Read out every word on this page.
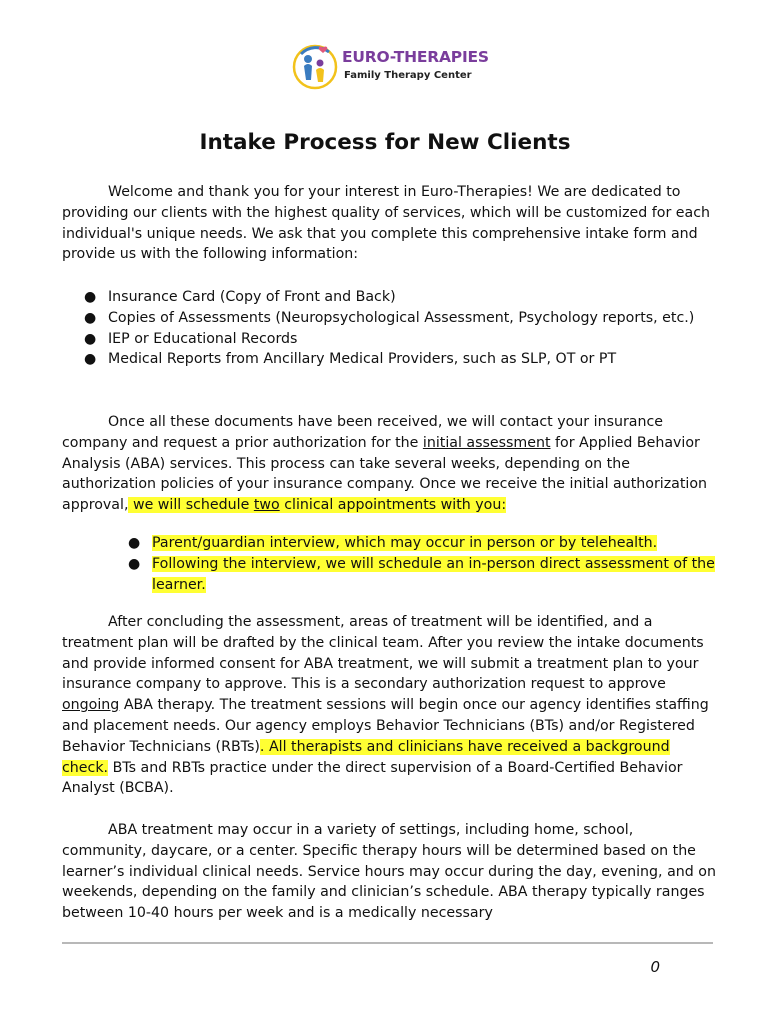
EURO-THERAPIES
Family Therapy Center
Intake Process for New Clients

Welcome and thank you for your interest in Euro-Therapies! We are dedicated to providing our clients with the highest quality of services, which will be customized for each individual's unique needs. We ask that you complete this comprehensive intake form and provide us with the following information:

● Insurance Card (Copy of Front and Back)
● Copies of Assessments (Neuropsychological Assessment, Psychology reports, etc.)
● IEP or Educational Records
● Medical Reports from Ancillary Medical Providers, such as SLP, OT or PT

Once all these documents have been received, we will contact your insurance company and request a prior authorization for the initial assessment for Applied Behavior Analysis (ABA) services. This process can take several weeks, depending on the authorization policies of your insurance company. Once we receive the initial authorization approval, we will schedule two clinical appointments with you:

● Parent/guardian interview, which may occur in person or by telehealth.
● Following the interview, we will schedule an in-person direct assessment of the learner.

After concluding the assessment, areas of treatment will be identified, and a treatment plan will be drafted by the clinical team. After you review the intake documents and provide informed consent for ABA treatment, we will submit a treatment plan to your insurance company to approve. This is a secondary authorization request to approve ongoing ABA therapy. The treatment sessions will begin once our agency identifies staffing and placement needs. Our agency employs Behavior Technicians (BTs) and/or Registered Behavior Technicians (RBTs). All therapists and clinicians have received a background check. BTs and RBTs practice under the direct supervision of a Board-Certified Behavior Analyst (BCBA).

ABA treatment may occur in a variety of settings, including home, school, community, daycare, or a center. Specific therapy hours will be determined based on the learner’s individual clinical needs. Service hours may occur during the day, evening, and on weekends, depending on the family and clinician’s schedule. ABA therapy typically ranges between 10-40 hours per week and is a medically necessary

0
